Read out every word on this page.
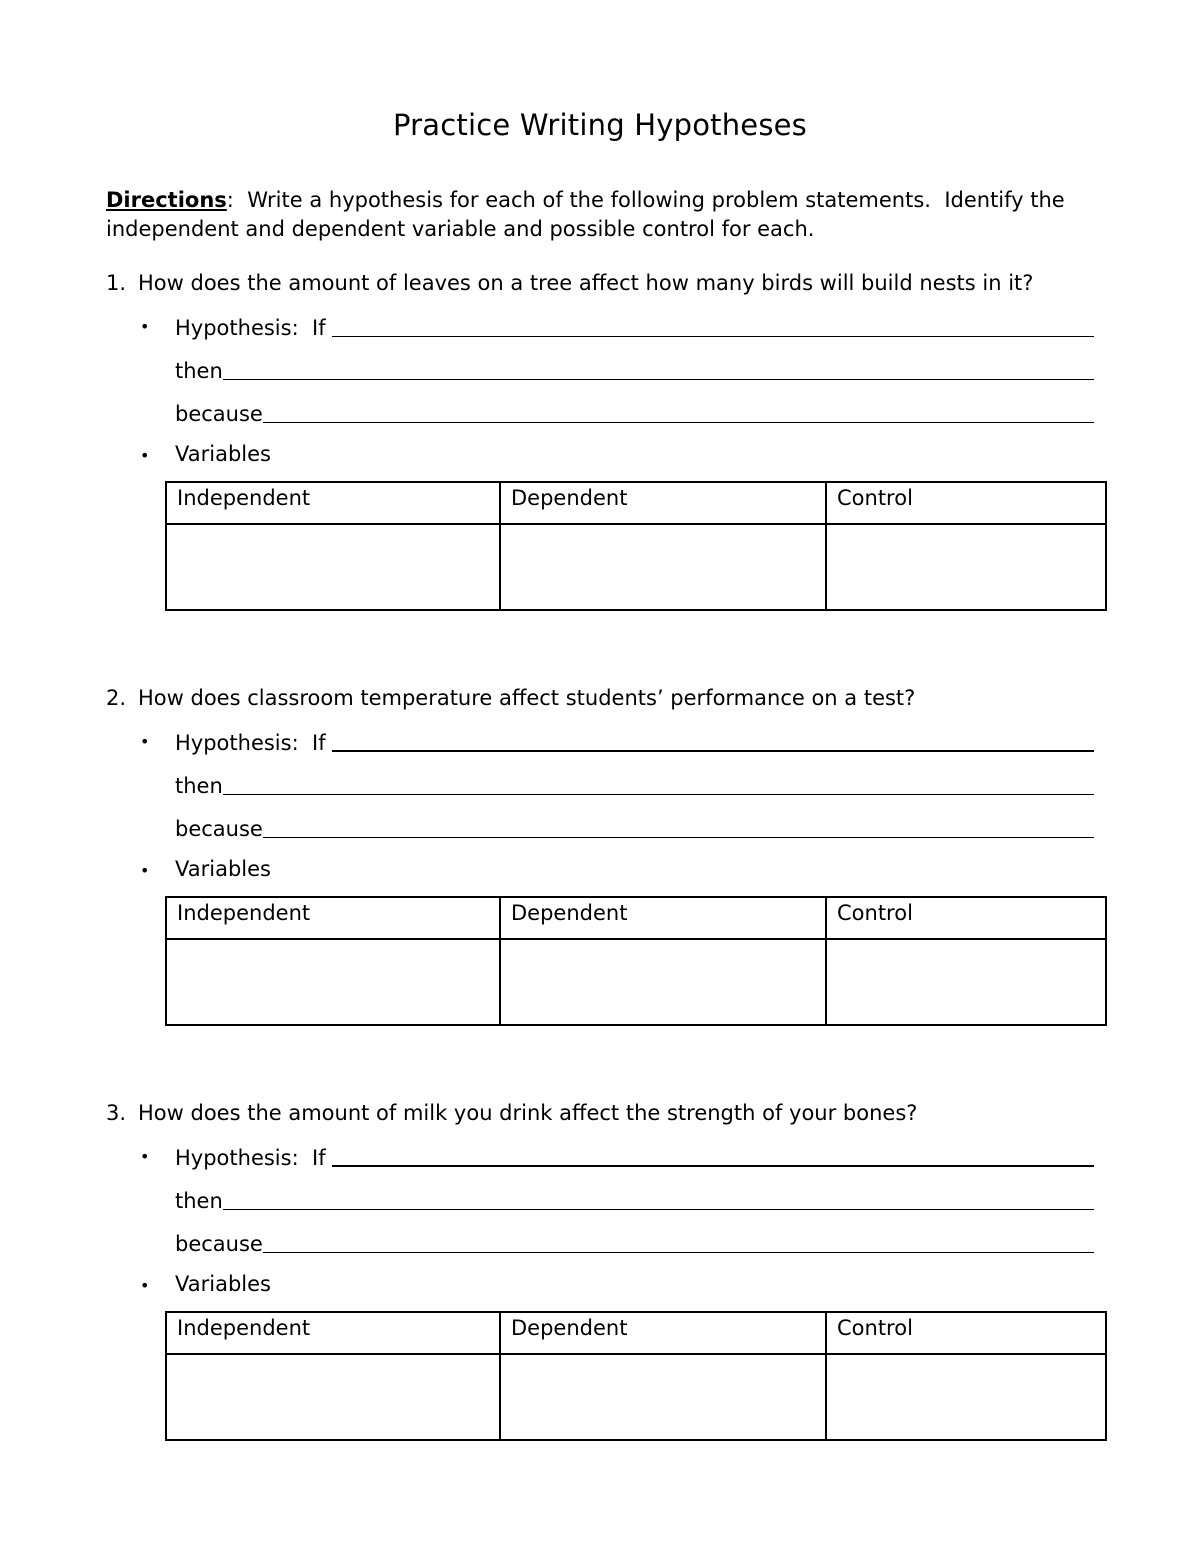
Practice Writing Hypotheses
Directions:  Write a hypothesis for each of the following problem statements.  Identify the independent and dependent variable and possible control for each.
1. How does the amount of leaves on a tree affect how many birds will build nests in it?
• Hypothesis:  If
then
because
• Variables
Independent	Dependent	Control

2. How does classroom temperature affect students’ performance on a test?
• Hypothesis:  If
then
because
• Variables
Independent	Dependent	Control

3. How does the amount of milk you drink affect the strength of your bones?
• Hypothesis:  If
then
because
• Variables
Independent	Dependent	Control
